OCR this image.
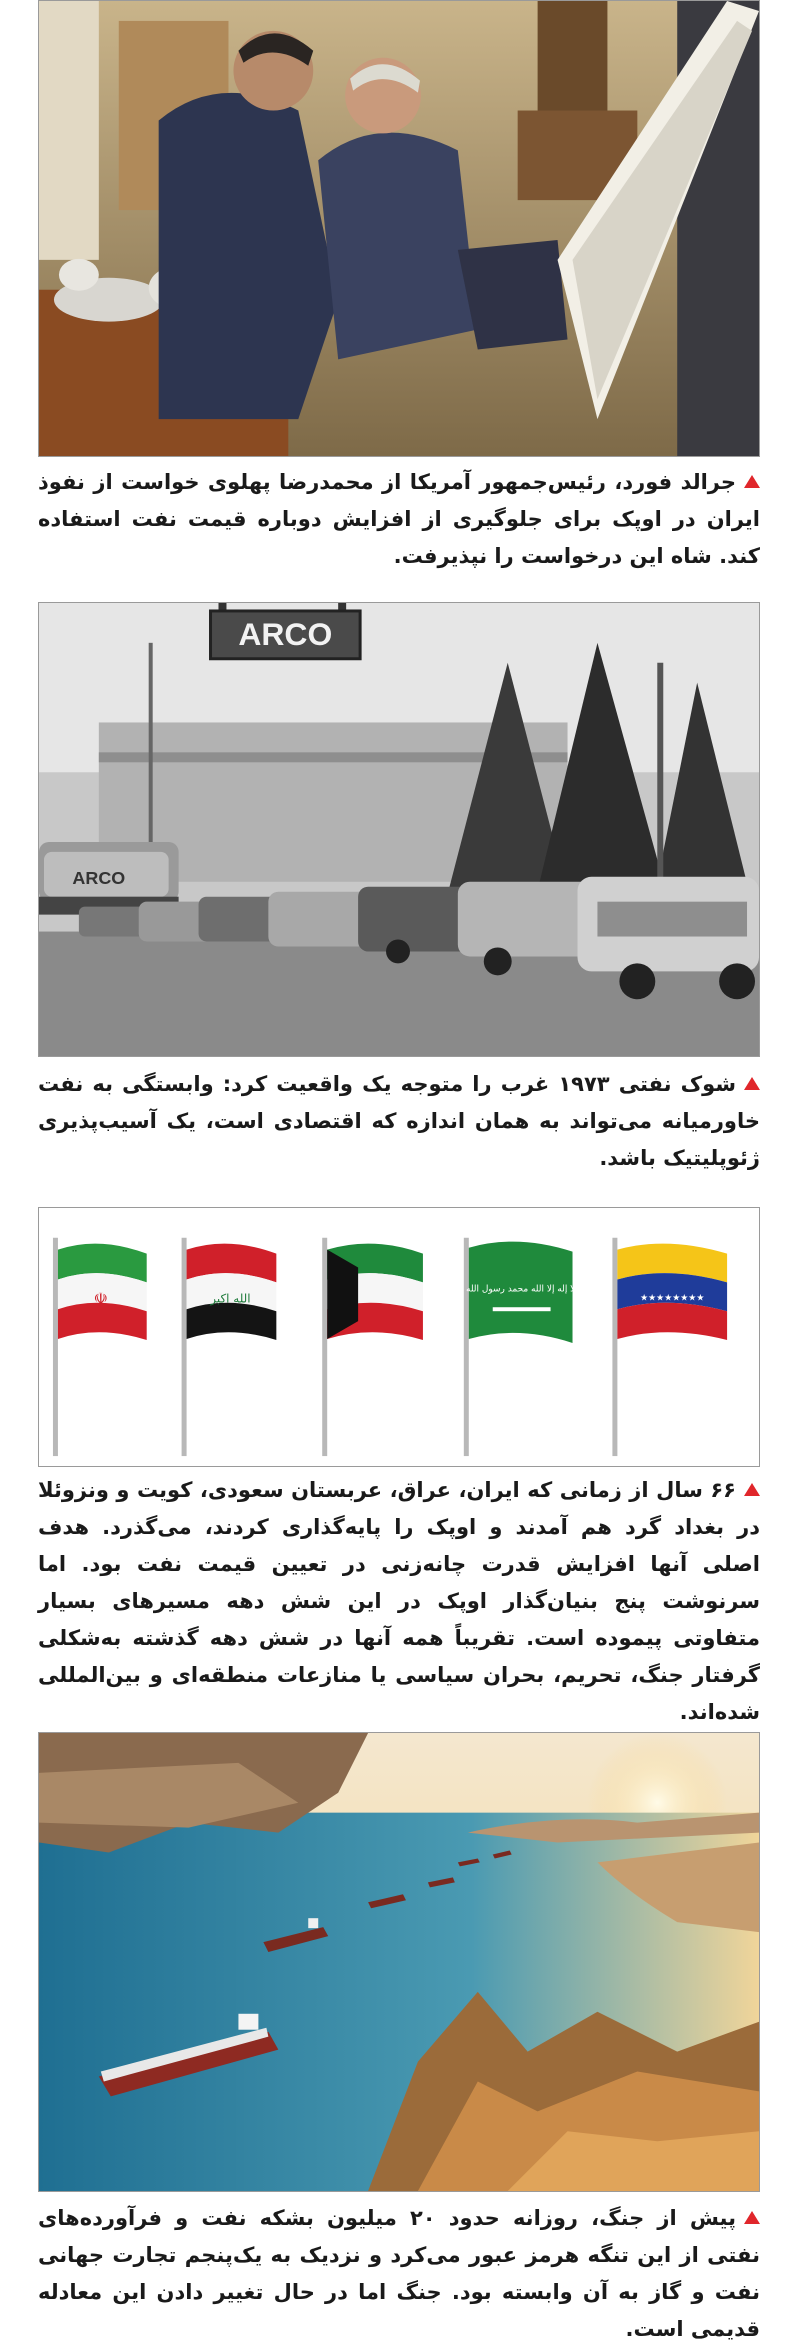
جرالد فورد، رئیس‌جمهور آمریکا از محمدرضا پهلوی خواست از نفوذ ایران در اوپک برای جلوگیری از افزایش دوباره قیمت نفت استفاده کند. شاه این درخواست را نپذیرفت.
ARCO
ARCO
شوک نفتی ۱۹۷۳ غرب را متوجه یک واقعیت کرد: وابستگی به نفت خاورمیانه می‌تواند به همان اندازه که اقتصادی است، یک آسیب‌پذیری ژئوپلیتیک باشد.
☫	الله اكبر
لا إله إلا الله محمد رسول الله
★★★★★★★★
۶۶ سال از زمانی که ایران، عراق، عربستان سعودی، کویت و ونزوئلا در بغداد گرد هم آمدند و اوپک را پایه‌گذاری کردند، می‌گذرد. هدف اصلی آنها افزایش قدرت چانه‌زنی در تعیین قیمت نفت بود. اما سرنوشت پنج بنیان‌گذار اوپک در این شش دهه مسیرهای بسیار متفاوتی پیموده است. تقریباً همه آنها در شش دهه گذشته به‌شکلی گرفتار جنگ، تحریم، بحران سیاسی یا منازعات منطقه‌ای و بین‌المللی شده‌اند.
پیش از جنگ، روزانه حدود ۲۰ میلیون بشکه نفت و فرآورده‌های نفتی از این تنگه هرمز عبور می‌کرد و نزدیک به یک‌پنجم تجارت جهانی نفت و گاز به آن وابسته بود. جنگ اما در حال تغییر دادن این معادله قدیمی است.
